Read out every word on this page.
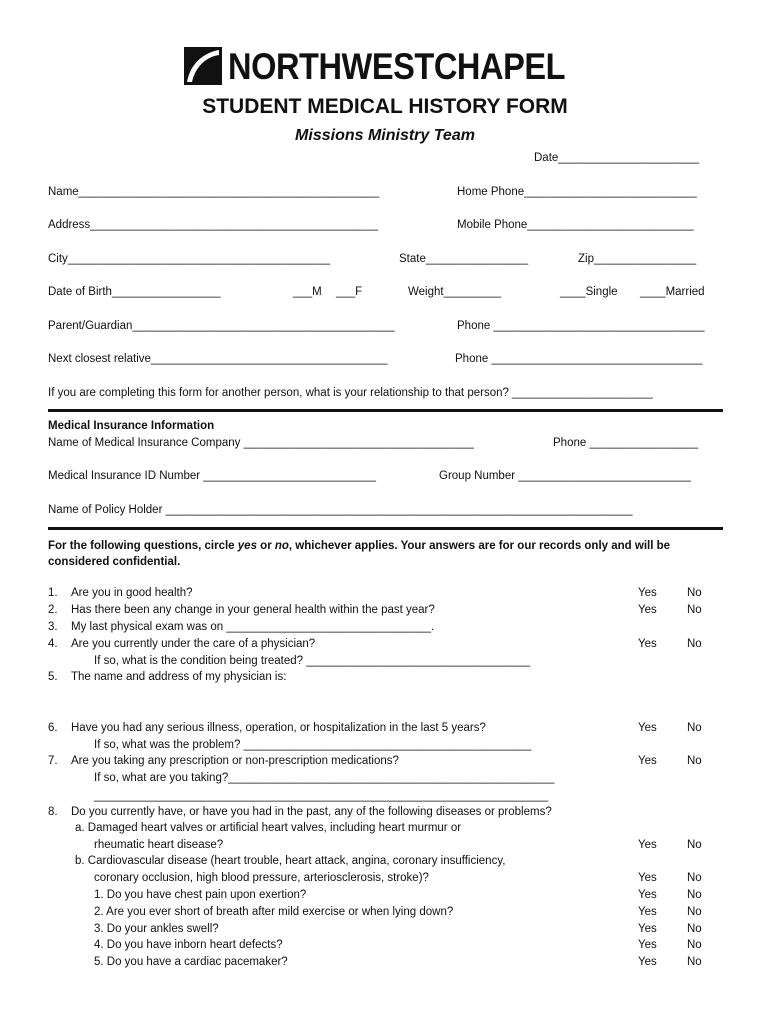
NORTHWESTCHAPEL
STUDENT MEDICAL HISTORY FORM
Missions Ministry Team
Date______________________
Name_______________________________________________	Home Phone___________________________
Address_____________________________________________	Mobile Phone__________________________
City_________________________________________	State________________	Zip________________
Date of Birth_________________	___M ___F	Weight_________	____Single ____Married
Parent/Guardian_________________________________________	Phone _________________________________
Next closest relative_____________________________________	Phone _________________________________
If you are completing this form for another person, what is your relationship to that person? ______________________
Medical Insurance Information
Name of Medical Insurance Company ____________________________________	Phone _________________
Medical Insurance ID Number ___________________________	Group Number ___________________________
Name of Policy Holder _________________________________________________________________________
For the following questions, circle yes or no, whichever applies. Your answers are for our records only and will be considered confidential.
1. Are you in good health?	Yes	No
2. Has there been any change in your general health within the past year?	Yes	No
3. My last physical exam was on ________________________________.
4. Are you currently under the care of a physician?	Yes	No
If so, what is the condition being treated? ___________________________________
5. The name and address of my physician is:
6. Have you had any serious illness, operation, or hospitalization in the last 5 years?	Yes	No
If so, what was the problem? _____________________________________________
7. Are you taking any prescription or non-prescription medications?	Yes	No
If so, what are you taking?___________________________________________________
_______________________________________________________________________
8. Do you currently have, or have you had in the past, any of the following diseases or problems?
a. Damaged heart valves or artificial heart valves, including heart murmur or
rheumatic heart disease?	Yes	No
b. Cardiovascular disease (heart trouble, heart attack, angina, coronary insufficiency,
coronary occlusion, high blood pressure, arteriosclerosis, stroke)?	Yes	No
1. Do you have chest pain upon exertion?	Yes	No
2. Are you ever short of breath after mild exercise or when lying down?	Yes	No
3. Do your ankles swell?	Yes	No
4. Do you have inborn heart defects?	Yes	No
5. Do you have a cardiac pacemaker?	Yes	No
